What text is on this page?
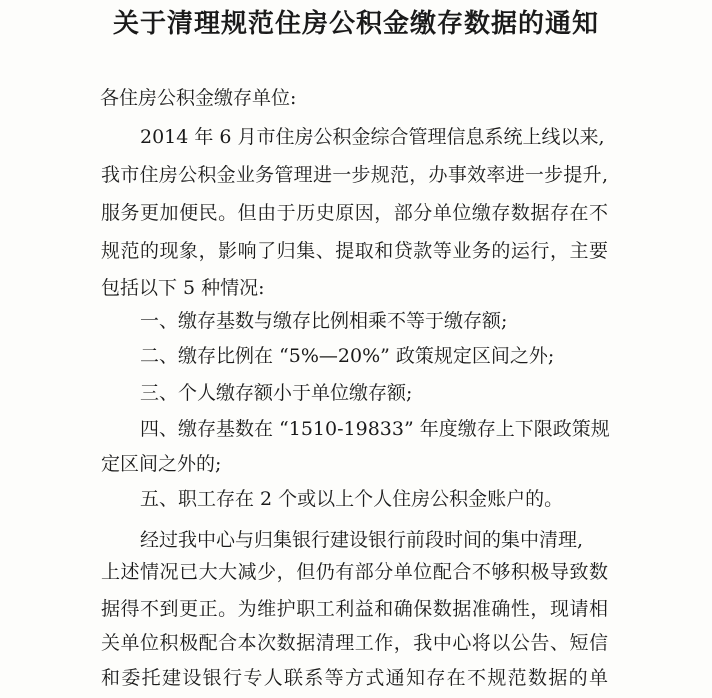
关于清理规范住房公积金缴存数据的通知
各住房公积金缴存单位:
2014 年 6 月市住房公积金综合管理信息系统上线以来,
我市住房公积金业务管理进一步规范，办事效率进一步提升,
服务更加便民。但由于历史原因，部分单位缴存数据存在不
规范的现象，影响了归集、提取和贷款等业务的运行，主要
包括以下 5 种情况:
一、缴存基数与缴存比例相乘不等于缴存额;
二、缴存比例在 “5%—20%” 政策规定区间之外;
三、个人缴存额小于单位缴存额;
四、缴存基数在 “1510-19833” 年度缴存上下限政策规
定区间之外的;
五、职工存在 2 个或以上个人住房公积金账户的。
经过我中心与归集银行建设银行前段时间的集中清理,
上述情况已大大减少，但仍有部分单位配合不够积极导致数
据得不到更正。为维护职工利益和确保数据准确性，现请相
关单位积极配合本次数据清理工作，我中心将以公告、短信
和委托建设银行专人联系等方式通知存在不规范数据的单
